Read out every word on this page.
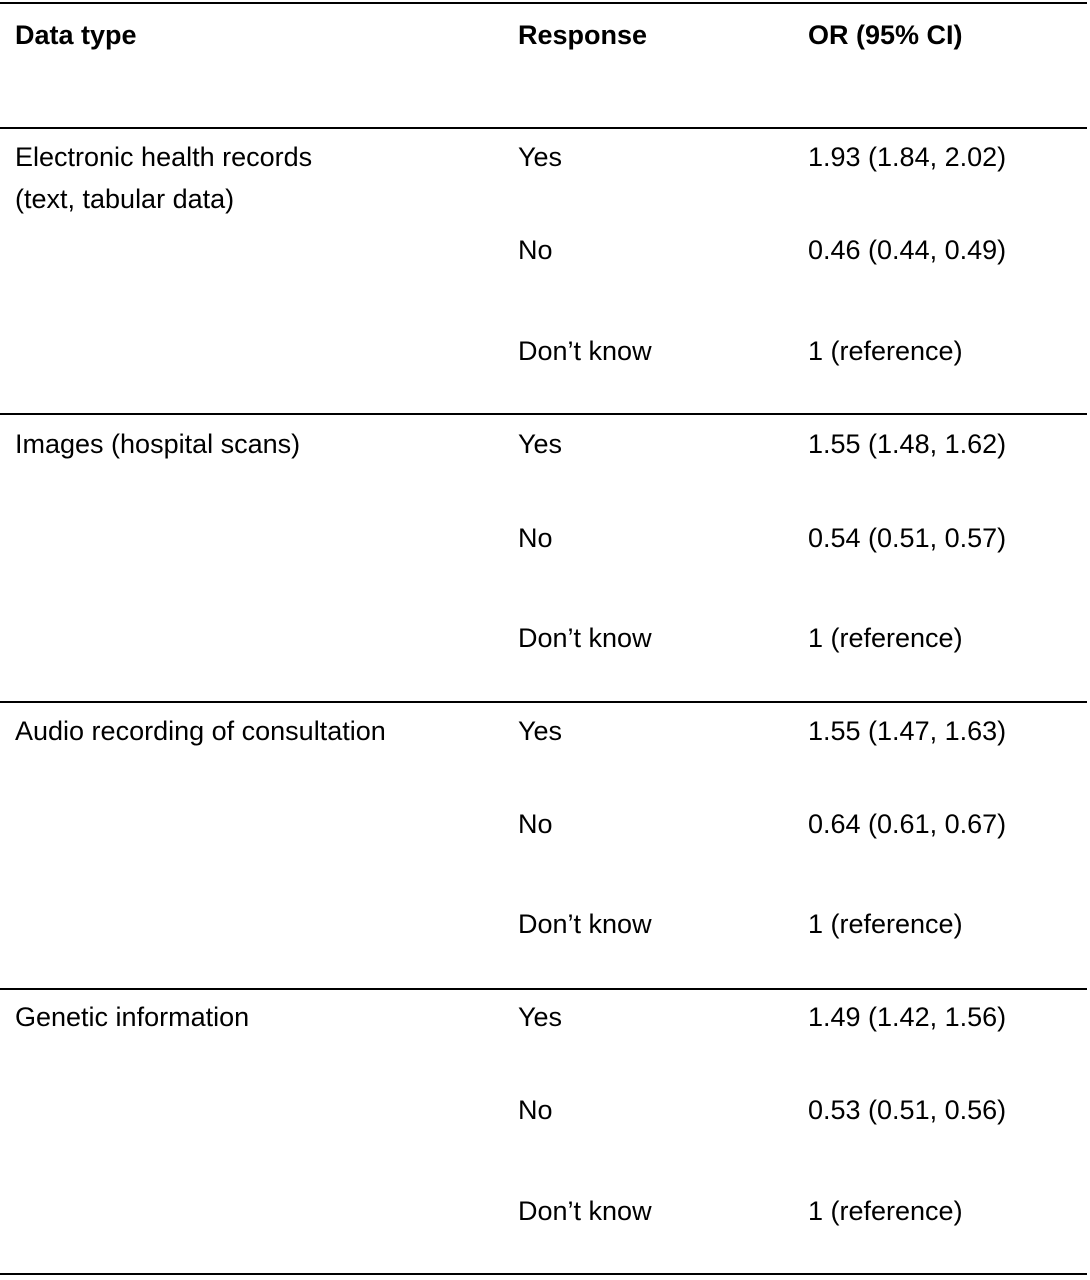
Data type	Response	OR (95% CI)
Electronic health records
(text, tabular data)
Yes	1.93 (1.84, 2.02)
No	0.46 (0.44, 0.49)
Don’t know	1 (reference)
Images (hospital scans)	Yes	1.55 (1.48, 1.62)
No	0.54 (0.51, 0.57)
Don’t know	1 (reference)
Audio recording of consultation	Yes	1.55 (1.47, 1.63)
No	0.64 (0.61, 0.67)
Don’t know	1 (reference)
Genetic information	Yes	1.49 (1.42, 1.56)
No	0.53 (0.51, 0.56)
Don’t know	1 (reference)
